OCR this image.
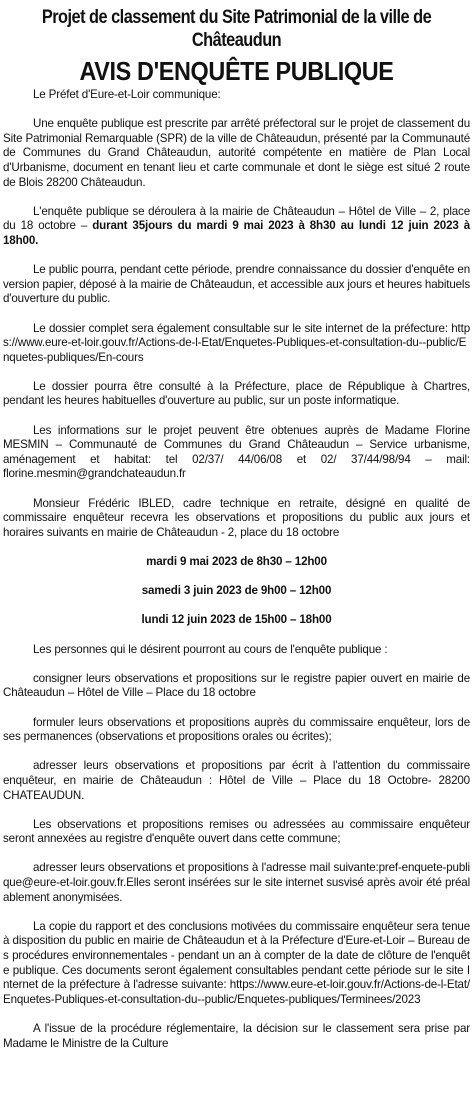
Projet de classement du Site Patrimonial de la ville de Châteaudun
AVIS D'ENQUÊTE PUBLIQUE

Le Préfet d'Eure-et-Loir communique:

Une enquête publique est prescrite par arrêté préfectoral sur le projet de classement du Site Patrimonial Remarquable (SPR) de la ville de Châteaudun, présenté par la Communauté de Communes du Grand Châteaudun, autorité compétente en matière de Plan Local d'Urbanisme, document en tenant lieu et carte communale et dont le siège est situé 2 route de Blois 28200 Châteaudun.

L'enquête publique se déroulera à la mairie de Châteaudun – Hôtel de Ville – 2, place du 18 octobre – durant 35jours du mardi 9 mai 2023 à 8h30 au lundi 12 juin 2023 à 18h00.

Le public pourra, pendant cette période, prendre connaissance du dossier d'enquête en version papier, déposé à la mairie de Châteaudun, et accessible aux jours et heures habituels d'ouverture du public.

Le dossier complet sera également consultable sur le site internet de la préfecture: https://www.eure-et-loir.gouv.fr/Actions-de-l-Etat/Enquetes-Publiques-et-consultation-du--public/Enquetes-publiques/En-cours

Le dossier pourra être consulté à la Préfecture, place de République à Chartres, pendant les heures habituelles d'ouverture au public, sur un poste informatique.

Les informations sur le projet peuvent être obtenues auprès de Madame Florine MESMIN – Communauté de Communes du Grand Châteaudun – Service urbanisme, aménagement et habitat: tel 02/37/ 44/06/08 et 02/ 37/44/98/94 – mail: florine.mesmin@grandchateaudun.fr

Monsieur Frédéric IBLED, cadre technique en retraite, désigné en qualité de commissaire enquêteur recevra les observations et propositions du public aux jours et horaires suivants en mairie de Châteaudun - 2, place du 18 octobre

mardi 9 mai 2023 de 8h30 – 12h00

samedi 3 juin 2023 de 9h00 – 12h00

lundi 12 juin 2023 de 15h00 – 18h00

Les personnes qui le désirent pourront au cours de l'enquête publique :

consigner leurs observations et propositions sur le registre papier ouvert en mairie de Châteaudun – Hôtel de Ville – Place du 18 octobre

formuler leurs observations et propositions auprès du commissaire enquêteur, lors de ses permanences (observations et propositions orales ou écrites);

adresser leurs observations et propositions par écrit à l'attention du commissaire enquêteur, en mairie de Châteaudun : Hôtel de Ville – Place du 18 Octobre- 28200 CHATEAUDUN.

Les observations et propositions remises ou adressées au commissaire enquêteur seront annexées au registre d'enquête ouvert dans cette commune;

adresser leurs observations et propositions à l'adresse mail suivante:pref-enquete-publique@eure-et-loir.gouv.fr.Elles seront insérées sur le site internet susvisé après avoir été préalablement anonymisées.

La copie du rapport et des conclusions motivées du commissaire enquêteur sera tenue à disposition du public en mairie de Châteaudun et à la Préfecture d'Eure-et-Loir – Bureau des procédures environnementales - pendant un an à compter de la date de clôture de l'enquête publique. Ces documents seront également consultables pendant cette période sur le site Internet de la préfecture à l'adresse suivante: https://www.eure-et-loir.gouv.fr/Actions-de-l-Etat/Enquetes-Publiques-et-consultation-du--public/Enquetes-publiques/Terminees/2023

A l'issue de la procédure réglementaire, la décision sur le classement sera prise par Madame le Ministre de la Culture
